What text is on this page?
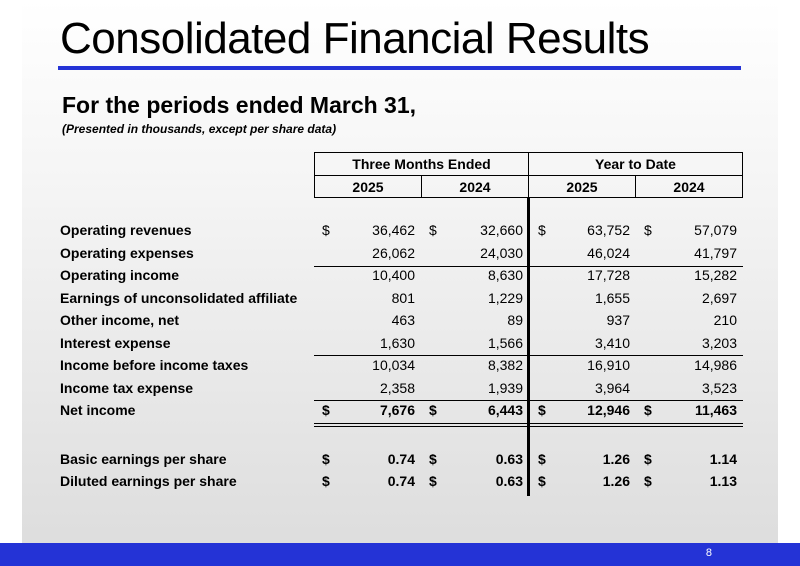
Consolidated Financial Results
For the periods ended March 31,
(Presented in thousands, except per share data)
Three Months Ended	Year to Date
2025	2024	2025	2024
Operating revenues	$	36,462 $	32,660 $	63,752 $	57,079
Operating expenses	26,062	24,030	46,024	41,797
Operating income	10,400	8,630	17,728	15,282
Earnings of unconsolidated affiliate	801	1,229	1,655	2,697
Other income, net	463	89	937	210
Interest expense	1,630	1,566	3,410	3,203
Income before income taxes	10,034	8,382	16,910	14,986
Income tax expense	2,358	1,939	3,964	3,523
Net income	$	7,676 $	6,443 $	12,946 $	11,463
Basic earnings per share	$	0.74 $	0.63 $	1.26 $	1.14
Diluted earnings per share	$	0.74 $	0.63 $	1.26 $	1.13
8
